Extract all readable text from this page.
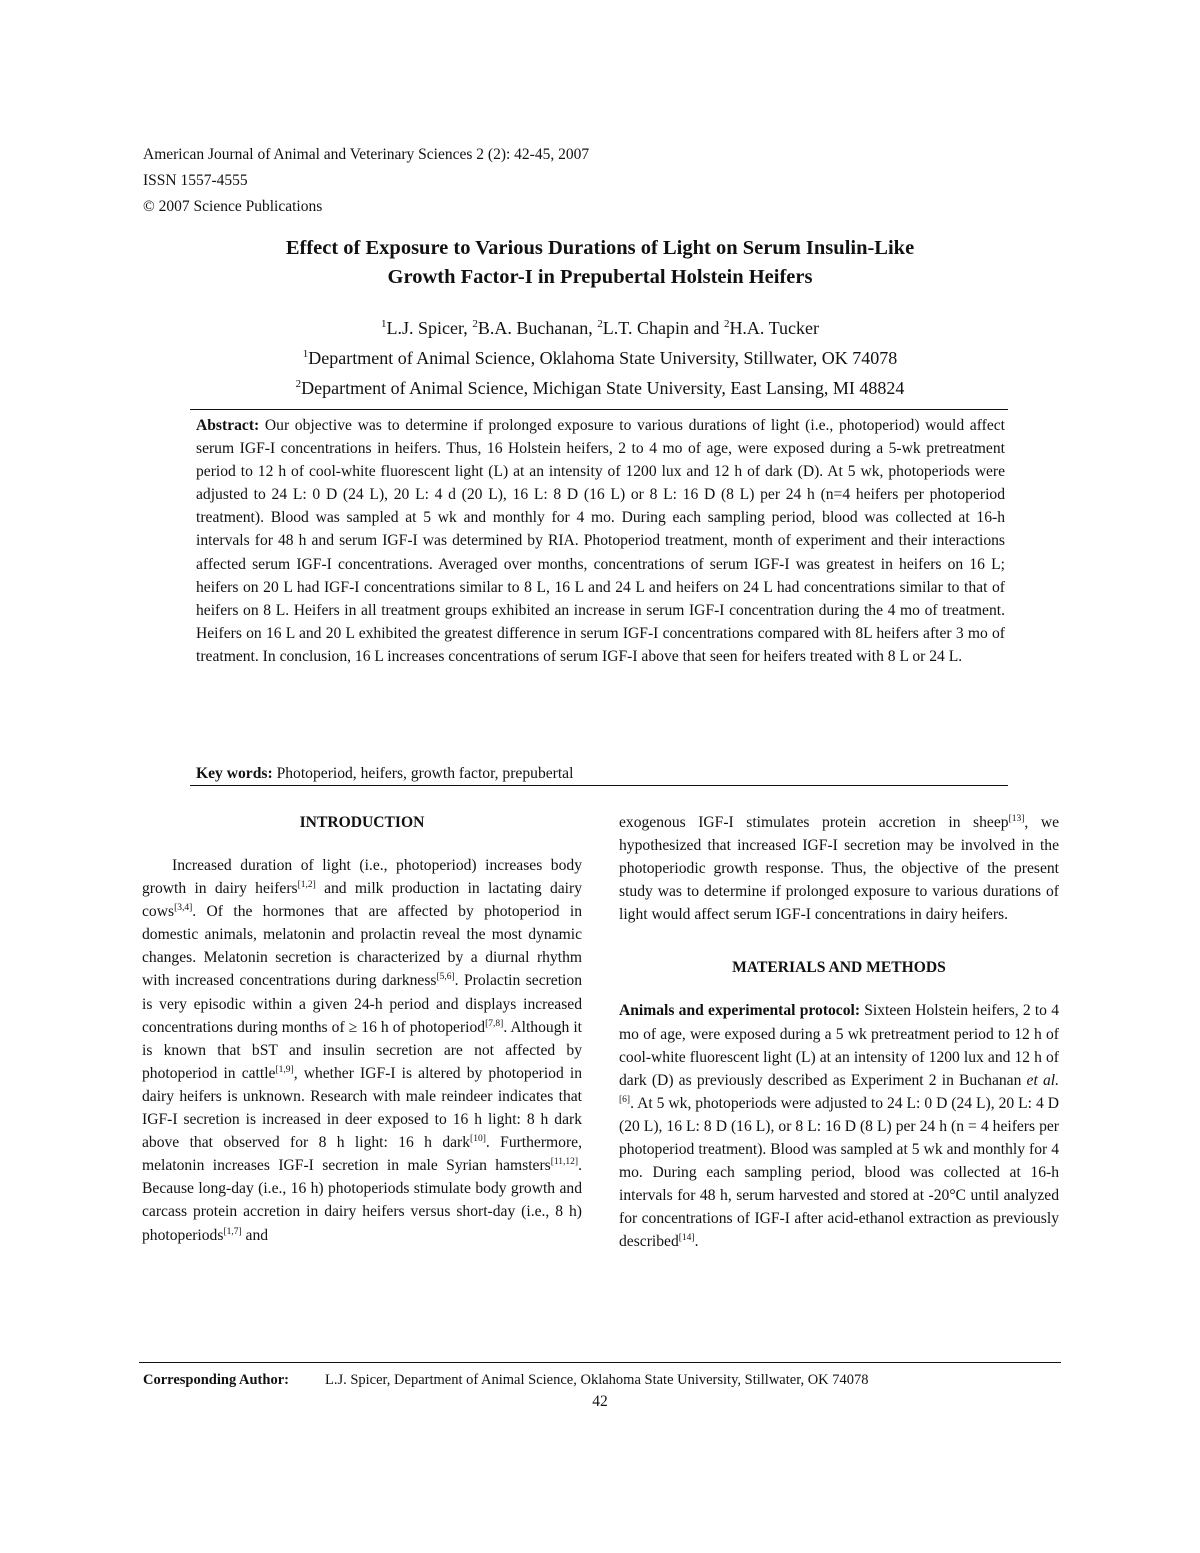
American Journal of Animal and Veterinary Sciences 2 (2): 42-45, 2007
ISSN 1557-4555
© 2007 Science Publications
Effect of Exposure to Various Durations of Light on Serum Insulin-Like
Growth Factor-I in Prepubertal Holstein Heifers
$^1$L.J. Spicer, $^2$B.A. Buchanan, $^2$L.T. Chapin and $^2$H.A. Tucker
$^1$Department of Animal Science, Oklahoma State University, Stillwater, OK 74078
$^2$Department of Animal Science, Michigan State University, East Lansing, MI 48824
Abstract: Our objective was to determine if prolonged exposure to various durations of light (i.e., photoperiod) would affect serum IGF-I concentrations in heifers. Thus, 16 Holstein heifers, 2 to 4 mo of age, were exposed during a 5-wk pretreatment period to 12 h of cool-white fluorescent light (L) at an intensity of 1200 lux and 12 h of dark (D). At 5 wk, photoperiods were adjusted to 24 L: 0 D (24 L), 20 L: 4 d (20 L), 16 L: 8 D (16 L) or 8 L: 16 D (8 L) per 24 h (n=4 heifers per photoperiod treatment). Blood was sampled at 5 wk and monthly for 4 mo. During each sampling period, blood was collected at 16-h intervals for 48 h and serum IGF-I was determined by RIA. Photoperiod treatment, month of experiment and their interactions affected serum IGF-I concentrations. Averaged over months, concentrations of serum IGF-I was greatest in heifers on 16 L; heifers on 20 L had IGF-I concentrations similar to 8 L, 16 L and 24 L and heifers on 24 L had concentrations similar to that of heifers on 8 L. Heifers in all treatment groups exhibited an increase in serum IGF-I concentration during the 4 mo of treatment. Heifers on 16 L and 20 L exhibited the greatest difference in serum IGF-I concentrations compared with 8L heifers after 3 mo of treatment. In conclusion, 16 L increases concentrations of serum IGF-I above that seen for heifers treated with 8 L or 24 L.
Key words: Photoperiod, heifers, growth factor, prepubertal
INTRODUCTION

Increased duration of light (i.e., photoperiod) increases body growth in dairy heifers[1,2] and milk production in lactating dairy cows[3,4]. Of the hormones that are affected by photoperiod in domestic animals, melatonin and prolactin reveal the most dynamic changes. Melatonin secretion is characterized by a diurnal rhythm with increased concentrations during darkness[5,6]. Prolactin secretion is very episodic within a given 24-h period and displays increased concentrations during months of ≥ 16 h of photoperiod[7,8]. Although it is known that bST and insulin secretion are not affected by photoperiod in cattle[1,9], whether IGF-I is altered by photoperiod in dairy heifers is unknown. Research with male reindeer indicates that IGF-I secretion is increased in deer exposed to 16 h light: 8 h dark above that observed for 8 h light: 16 h dark[10]. Furthermore, melatonin increases IGF-I secretion in male Syrian hamsters[11,12]. Because long-day (i.e., 16 h) photoperiods stimulate body growth and carcass protein accretion in dairy heifers versus short-day (i.e., 8 h) photoperiods[1,7] and

exogenous IGF-I stimulates protein accretion in sheep[13], we hypothesized that increased IGF-I secretion may be involved in the photoperiodic growth response. Thus, the objective of the present study was to determine if prolonged exposure to various durations of light would affect serum IGF-I concentrations in dairy heifers.

MATERIALS AND METHODS

Animals and experimental protocol: Sixteen Holstein heifers, 2 to 4 mo of age, were exposed during a 5 wk pretreatment period to 12 h of cool-white fluorescent light (L) at an intensity of 1200 lux and 12 h of dark (D) as previously described as Experiment 2 in Buchanan et al.[6]. At 5 wk, photoperiods were adjusted to 24 L: 0 D (24 L), 20 L: 4 D (20 L), 16 L: 8 D (16 L), or 8 L: 16 D (8 L) per 24 h (n = 4 heifers per photoperiod treatment). Blood was sampled at 5 wk and monthly for 4 mo. During each sampling period, blood was collected at 16-h intervals for 48 h, serum harvested and stored at -20°C until analyzed for concentrations of IGF-I after acid-ethanol extraction as previously described[14].

Corresponding Author: L.J. Spicer, Department of Animal Science, Oklahoma State University, Stillwater, OK 74078
42
